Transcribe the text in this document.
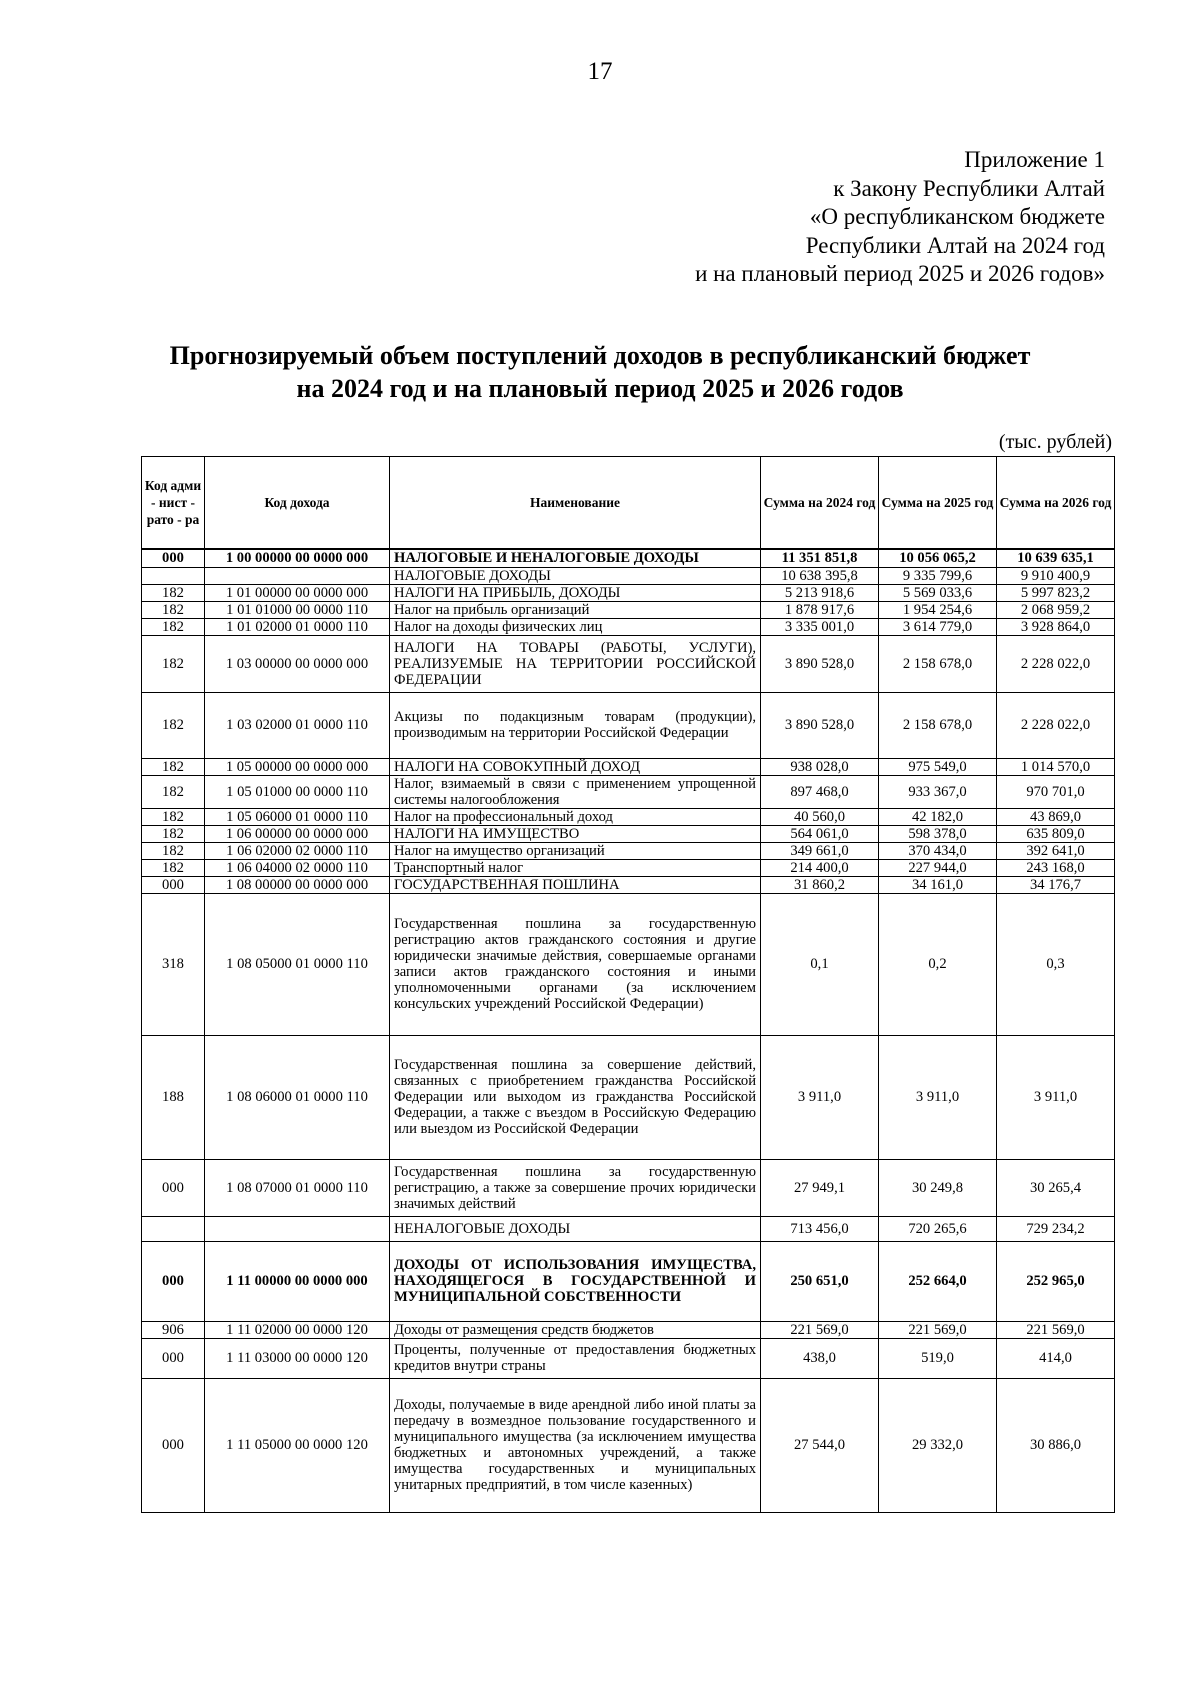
17
Приложение 1
к Закону Республики Алтай
«О республиканском бюджете
Республики Алтай на 2024 год
и на плановый период 2025 и 2026 годов»
Прогнозируемый объем поступлений доходов в республиканский бюджет
на 2024 год и на плановый период 2025 и 2026 годов
(тыс. рублей)
Код адми - нист - рато - ра	Код дохода	Наименование	Сумма на 2024 год	Сумма на 2025 год	Сумма на 2026 год
000	1 00 00000 00 0000 000	НАЛОГОВЫЕ И НЕНАЛОГОВЫЕ ДОХОДЫ	11 351 851,8	10 056 065,2	10 639 635,1
		НАЛОГОВЫЕ ДОХОДЫ	10 638 395,8	9 335 799,6	9 910 400,9
182	1 01 00000 00 0000 000	НАЛОГИ НА ПРИБЫЛЬ, ДОХОДЫ	5 213 918,6	5 569 033,6	5 997 823,2
182	1 01 01000 00 0000 110	Налог на прибыль организаций	1 878 917,6	1 954 254,6	2 068 959,2
182	1 01 02000 01 0000 110	Налог на доходы физических лиц	3 335 001,0	3 614 779,0	3 928 864,0
182	1 03 00000 00 0000 000	НАЛОГИ НА ТОВАРЫ (РАБОТЫ, УСЛУГИ), РЕАЛИЗУЕМЫЕ НА ТЕРРИТОРИИ РОССИЙСКОЙ ФЕДЕРАЦИИ	3 890 528,0	2 158 678,0	2 228 022,0
182	1 03 02000 01 0000 110	Акцизы по подакцизным товарам (продукции), производимым на территории Российской Федерации	3 890 528,0	2 158 678,0	2 228 022,0
182	1 05 00000 00 0000 000	НАЛОГИ НА СОВОКУПНЫЙ ДОХОД	938 028,0	975 549,0	1 014 570,0
182	1 05 01000 00 0000 110	Налог, взимаемый в связи с применением упрощенной системы налогообложения	897 468,0	933 367,0	970 701,0
182	1 05 06000 01 0000 110	Налог на профессиональный доход	40 560,0	42 182,0	43 869,0
182	1 06 00000 00 0000 000	НАЛОГИ НА ИМУЩЕСТВО	564 061,0	598 378,0	635 809,0
182	1 06 02000 02 0000 110	Налог на имущество организаций	349 661,0	370 434,0	392 641,0
182	1 06 04000 02 0000 110	Транспортный налог	214 400,0	227 944,0	243 168,0
000	1 08 00000 00 0000 000	ГОСУДАРСТВЕННАЯ ПОШЛИНА	31 860,2	34 161,0	34 176,7
318	1 08 05000 01 0000 110	Государственная пошлина за государственную регистрацию актов гражданского состояния и другие юридически значимые действия, совершаемые органами записи актов гражданского состояния и иными уполномоченными органами (за исключением консульских учреждений Российской Федерации)	0,1	0,2	0,3
188	1 08 06000 01 0000 110	Государственная пошлина за совершение действий, связанных с приобретением гражданства Российской Федерации или выходом из гражданства Российской Федерации, а также с въездом в Российскую Федерацию или выездом из Российской Федерации	3 911,0	3 911,0	3 911,0
000	1 08 07000 01 0000 110	Государственная пошлина за государственную регистрацию, а также за совершение прочих юридически значимых действий	27 949,1	30 249,8	30 265,4
		НЕНАЛОГОВЫЕ ДОХОДЫ	713 456,0	720 265,6	729 234,2
000	1 11 00000 00 0000 000	ДОХОДЫ ОТ ИСПОЛЬЗОВАНИЯ ИМУЩЕСТВА, НАХОДЯЩЕГОСЯ В ГОСУДАРСТВЕННОЙ И МУНИЦИПАЛЬНОЙ СОБСТВЕННОСТИ	250 651,0	252 664,0	252 965,0
906	1 11 02000 00 0000 120	Доходы от размещения средств бюджетов	221 569,0	221 569,0	221 569,0
000	1 11 03000 00 0000 120	Проценты, полученные от предоставления бюджетных кредитов внутри страны	438,0	519,0	414,0
000	1 11 05000 00 0000 120	Доходы, получаемые в виде арендной либо иной платы за передачу в возмездное пользование государственного и муниципального имущества (за исключением имущества бюджетных и автономных учреждений, а также имущества государственных и муниципальных унитарных предприятий, в том числе казенных)	27 544,0	29 332,0	30 886,0
